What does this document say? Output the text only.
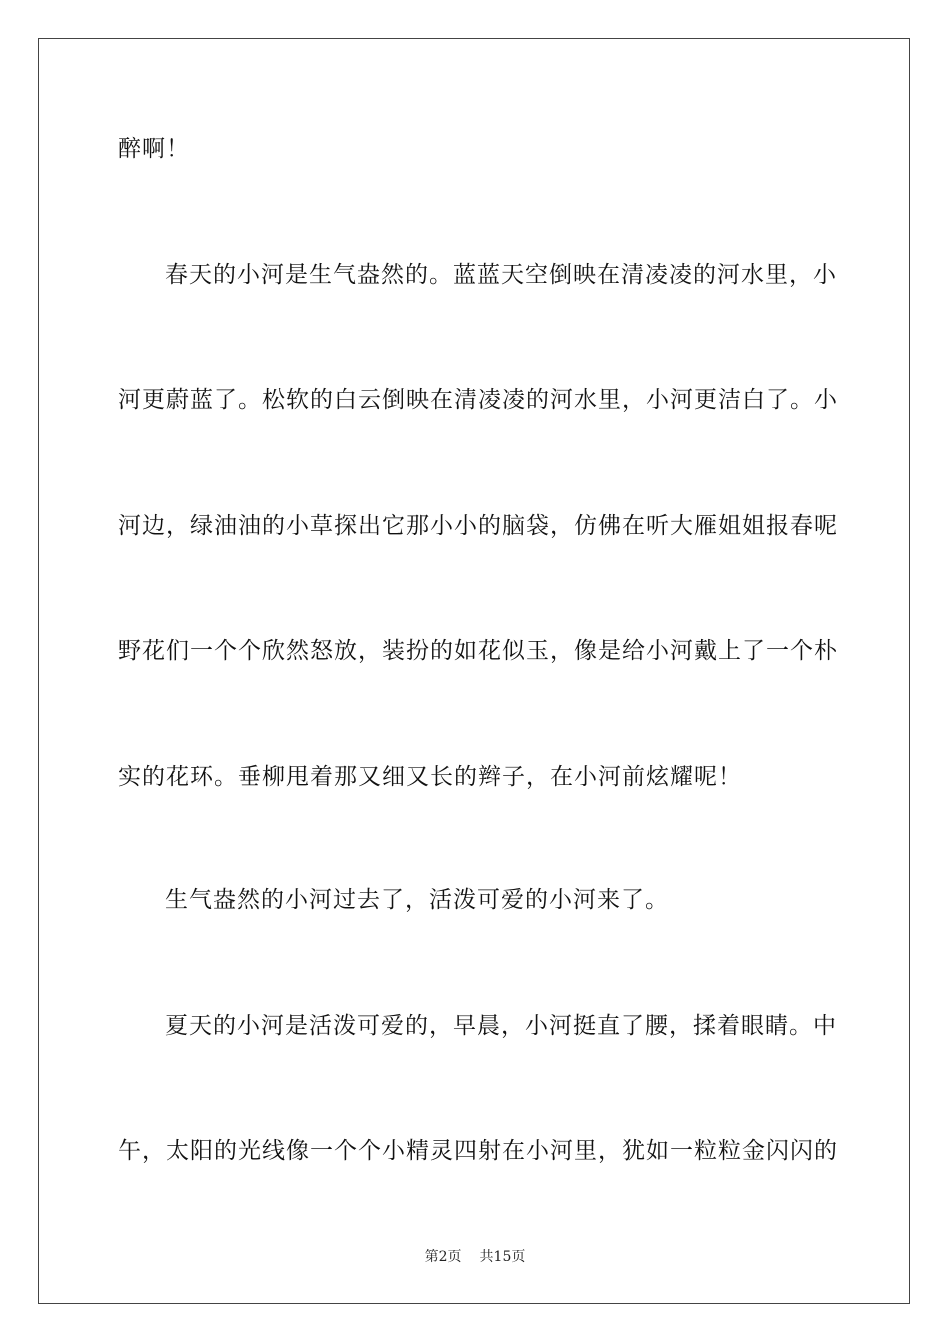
醉啊！
春天的小河是生气盎然的。蓝蓝天空倒映在清凌凌的河水里，小
河更蔚蓝了。松软的白云倒映在清凌凌的河水里，小河更洁白了。小
河边，绿油油的小草探出它那小小的脑袋，仿佛在听大雁姐姐报春呢
野花们一个个欣然怒放，装扮的如花似玉，像是给小河戴上了一个朴
实的花环。垂柳甩着那又细又长的辫子，在小河前炫耀呢！
生气盎然的小河过去了，活泼可爱的小河来了。
夏天的小河是活泼可爱的，早晨，小河挺直了腰，揉着眼睛。中
午，太阳的光线像一个个小精灵四射在小河里，犹如一粒粒金闪闪的
第2页 共15页
